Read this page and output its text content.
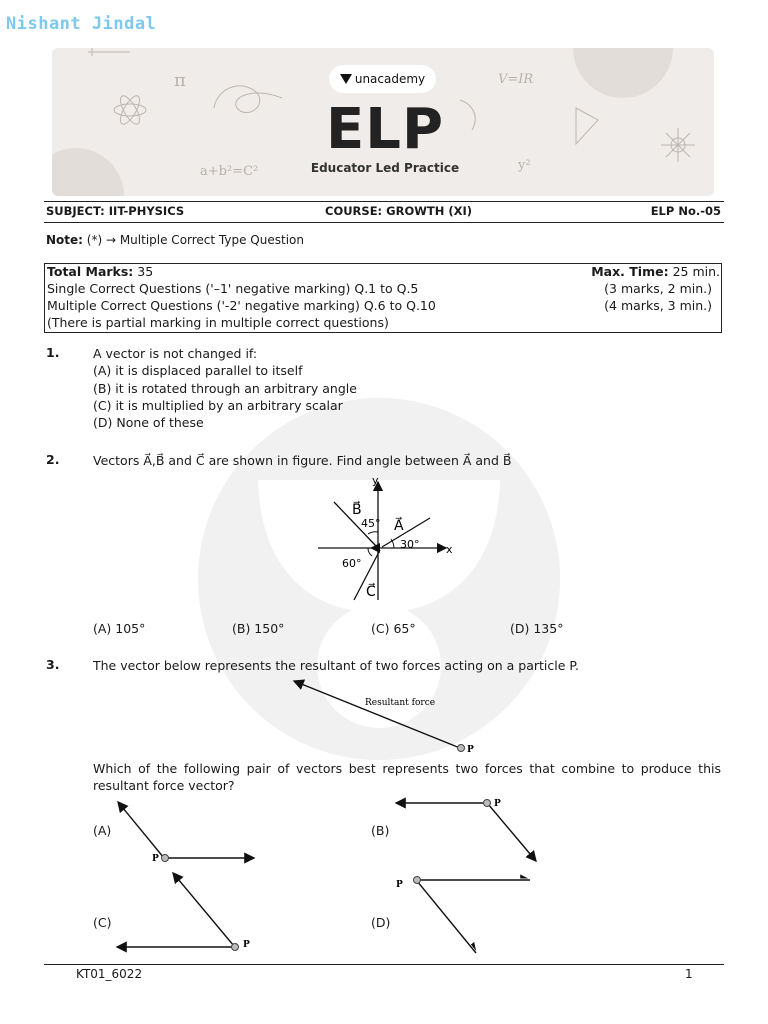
Nishant Jindal
π	V=IR
a+b²=C²	y²
unacademy
ELP
Educator Led Practice
SUBJECT: IIT-PHYSICS	COURSE: GROWTH (XI)	ELP No.-05
Note: (*) → Multiple Correct Type Question
Total Marks: 35	Max. Time: 25 min.
Single Correct Questions ('–1' negative marking) Q.1 to Q.5	(3 marks, 2 min.)
Multiple Correct Questions ('-2' negative marking) Q.6 to Q.10	(4 marks, 3 min.)
(There is partial marking in multiple correct questions)
1.	A vector is not changed if:
(A) it is displaced parallel to itself
(B) it is rotated through an arbitrary angle
(C) it is multiplied by an arbitrary scalar
(D) None of these
2.	Vectors A⃗,B⃗ and C⃗ are shown in figure. Find angle between A⃗ and B⃗
y
x
B⃗
A⃗
C⃗
45°
30°
60°
(A) 105°	(B) 150°	(C) 65°	(D) 135°
3.	The vector below represents the resultant of two forces acting on a particle P.
P
Resultant force
Which of the following pair of vectors best represents two forces that combine to produce this resultant force vector?
(A)	(B)
(C)	(D)
P
P
P
P
KT01_6022	1
